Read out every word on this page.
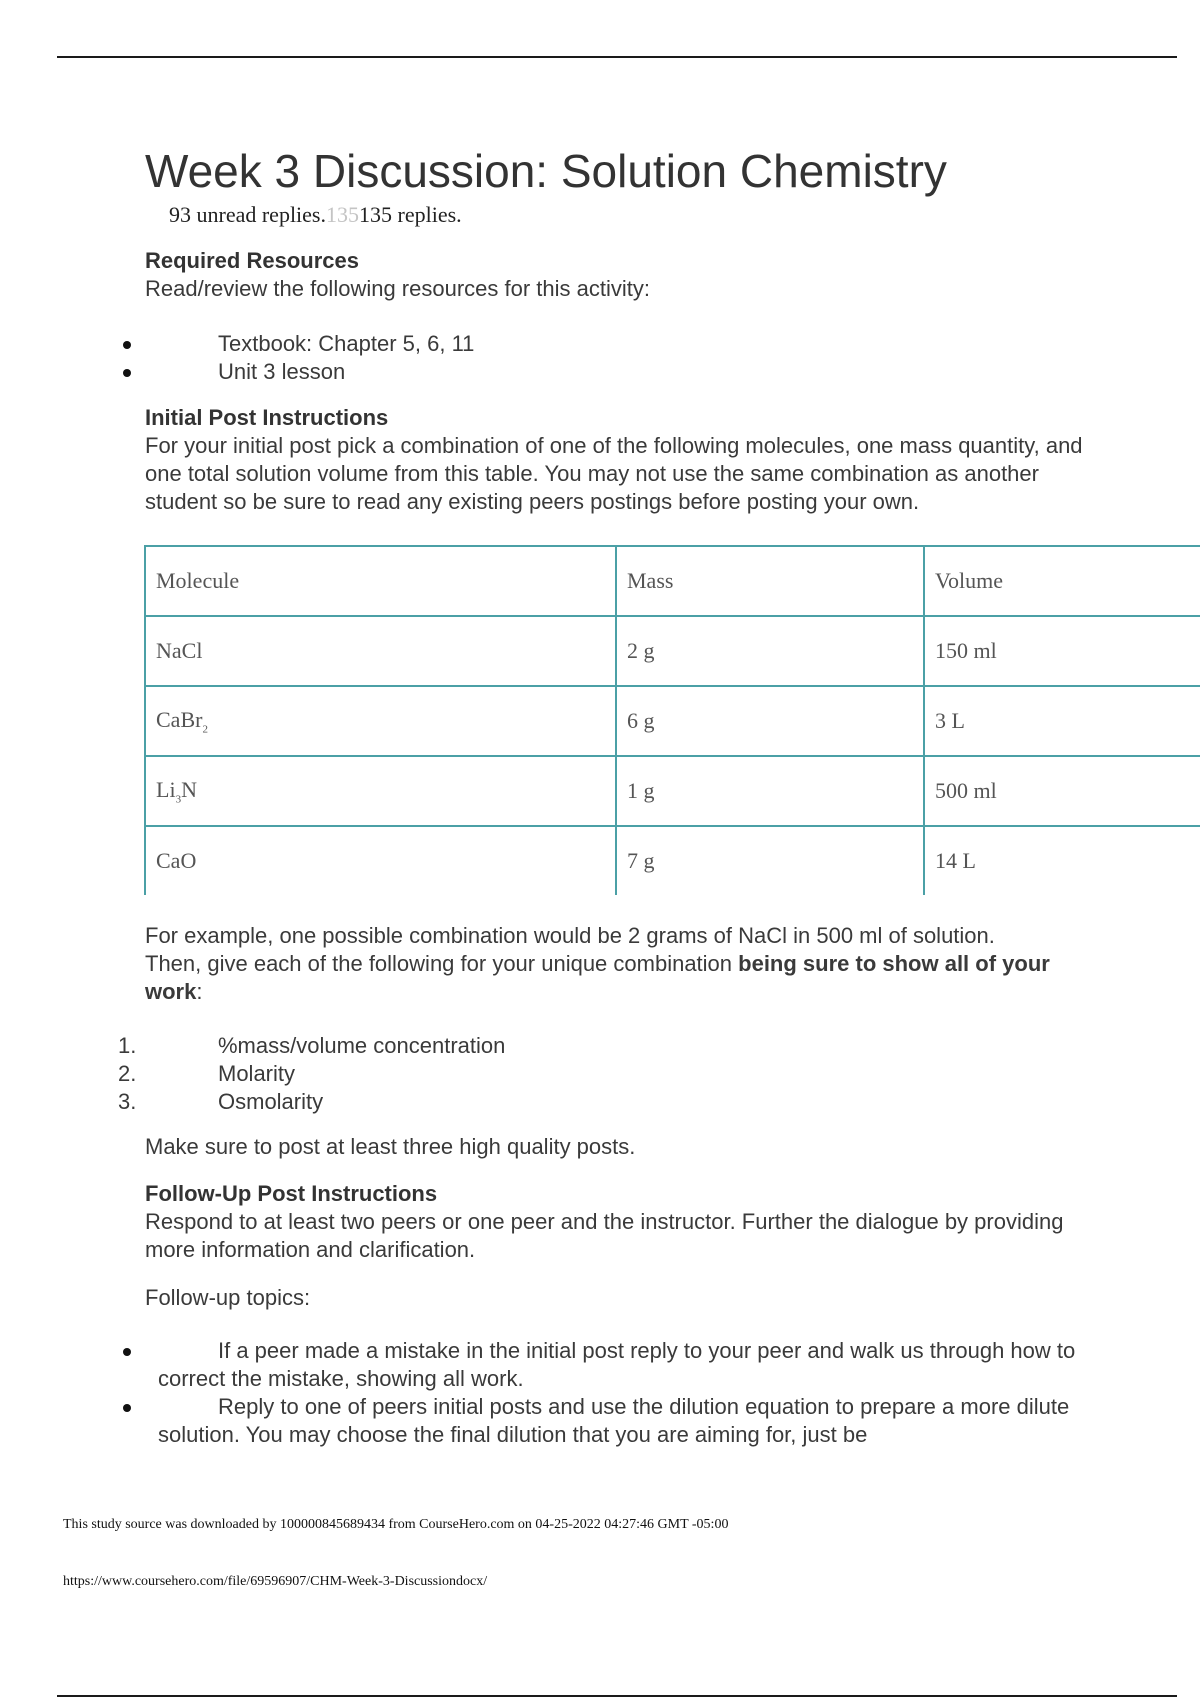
Week 3 Discussion: Solution Chemistry
93 unread replies.135135 replies.
Required Resources
Read/review the following resources for this activity:
Textbook: Chapter 5, 6, 11
Unit 3 lesson
Initial Post Instructions
For your initial post pick a combination of one of the following molecules, one mass quantity, and one total solution volume from this table. You may not use the same combination as another student so be sure to read any existing peers postings before posting your own.
Molecule	Mass	Volume
NaCl	2 g	150 ml
CaBr$_2$	6 g	3 L
$Li_3N$	1 g	500 ml
CaO	7 g	14 L
For example, one possible combination would be 2 grams of NaCl in 500 ml of solution.
Then, give each of the following for your unique combination being sure to show all of your work:
1.	%mass/volume concentration
2.	Molarity
3.	Osmolarity
Make sure to post at least three high quality posts.
Follow-Up Post Instructions
Respond to at least two peers or one peer and the instructor. Further the dialogue by providing more information and clarification.
Follow-up topics:

If a peer made a mistake in the initial post reply to your peer and walk us through how to correct the mistake, showing all work.

Reply to one of peers initial posts and use the dilution equation to prepare a more dilute solution. You may choose the final dilution that you are aiming for, just be

This study source was downloaded by 100000845689434 from CourseHero.com on 04-25-2022 04:27:46 GMT -05:00
https://www.coursehero.com/file/69596907/CHM-Week-3-Discussiondocx/
